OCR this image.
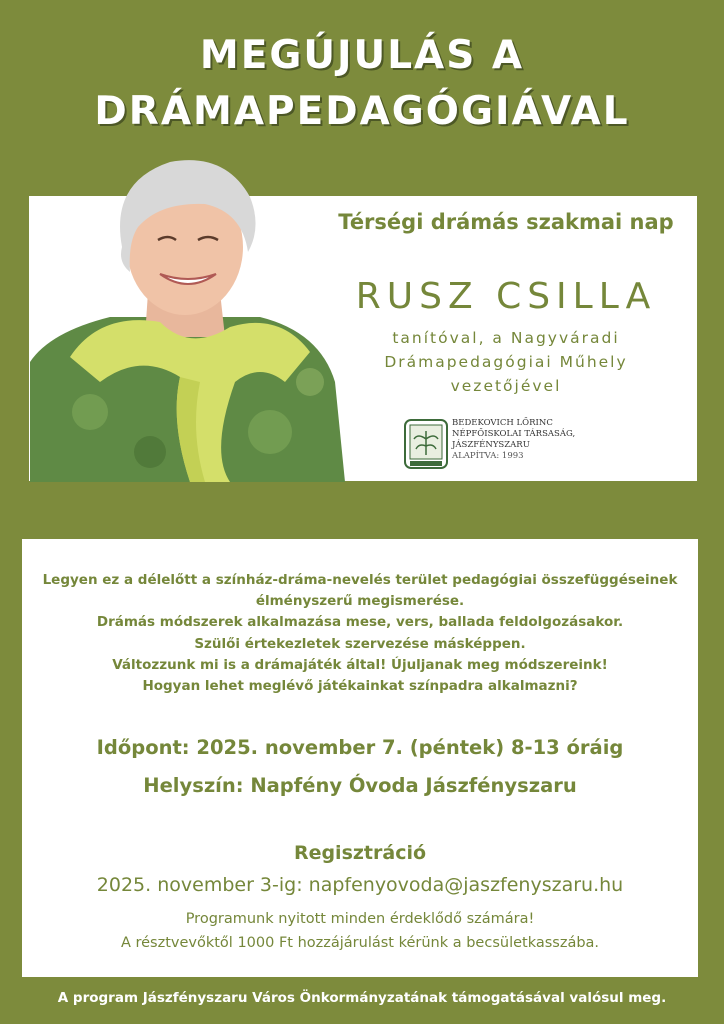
MEGÚJULÁS A
DRÁMAPEDAGÓGIÁVAL
Térségi drámás szakmai nap
RUSZ CSILLA
tanítóval, a Nagyváradi
Drámapedagógiai Műhely
vezetőjével
BEDEKOVICH LŐRINC
NÉPFŐISKOLAI TÁRSASÁG,
JÁSZFÉNYSZARU
ALAPÍTVA: 1993
Legyen ez a délelőtt a színház-dráma-nevelés terület pedagógiai összefüggéseinek
élményszerű megismerése.
Drámás módszerek alkalmazása mese, vers, ballada feldolgozásakor.
Szülői értekezletek szervezése másképpen.
Változzunk mi is a drámajáték által! Újuljanak meg módszereink!
Hogyan lehet meglévő játékainkat színpadra alkalmazni?
Időpont: 2025. november 7. (péntek) 8-13 óráig
Helyszín: Napfény Óvoda Jászfényszaru
Regisztráció
2025. november 3-ig: napfenyovoda@jaszfenyszaru.hu
Programunk nyitott minden érdeklődő számára!
A résztvevőktől 1000 Ft hozzájárulást kérünk a becsületkasszába.
A program Jászfényszaru Város Önkormányzatának támogatásával valósul meg.
